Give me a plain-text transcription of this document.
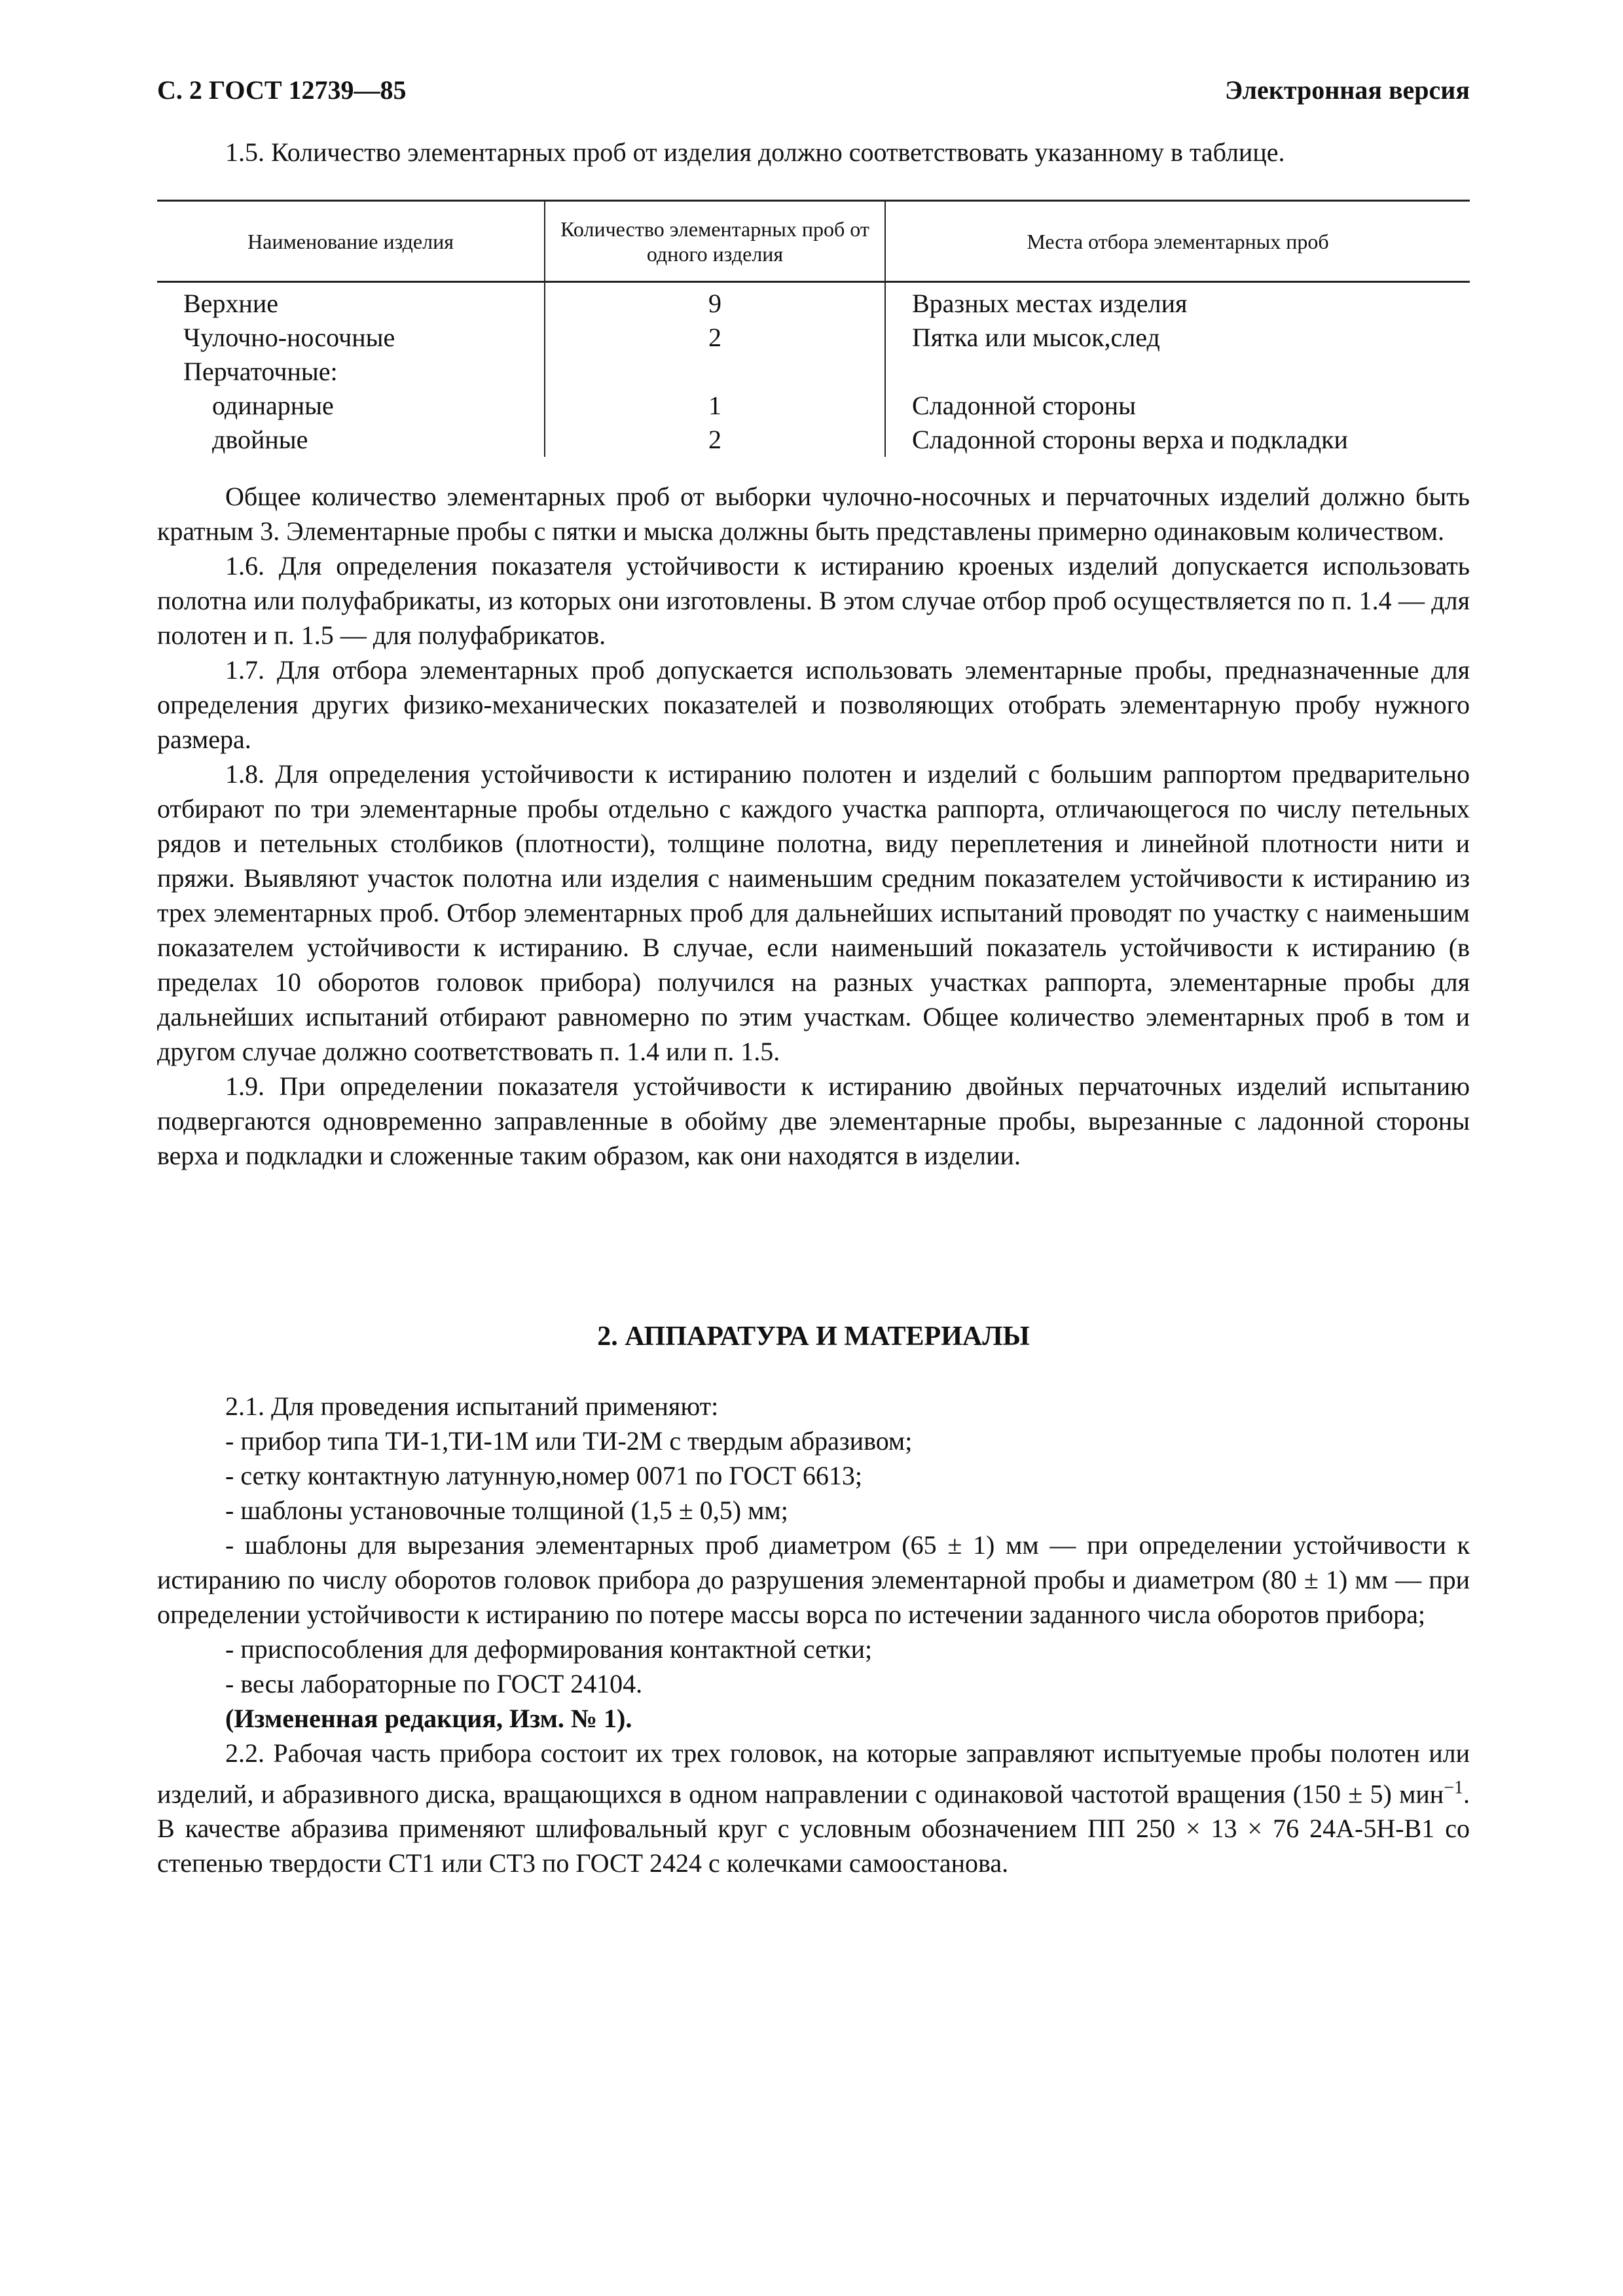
С. 2 ГОСТ 12739—85	Электронная версия

1.5. Количество элементарных проб от изделия должно соответствовать указанному в таблице.

Наименование изделия	Количество элементарных проб от одного изделия	Места отбора элементарных проб
Верхние	9	Вразных местах изделия
Чулочно-носочные	2	Пятка или мысок,след
Перчаточные:		
одинарные	1	Сладонной стороны
двойные	2	Сладонной стороны верха и подкладки

Общее количество элементарных проб от выборки чулочно-носочных и перчаточных изделий должно быть кратным 3. Элементарные пробы с пятки и мыска должны быть представлены примерно одинаковым количеством.

1.6. Для определения показателя устойчивости к истиранию кроеных изделий допускается использовать полотна или полуфабрикаты, из которых они изготовлены. В этом случае отбор проб осуществляется по п. 1.4 — для полотен и п. 1.5 — для полуфабрикатов.

1.7. Для отбора элементарных проб допускается использовать элементарные пробы, предназначенные для определения других физико-механических показателей и позволяющих отобрать элементарную пробу нужного размера.

1.8. Для определения устойчивости к истиранию полотен и изделий с большим раппортом предварительно отбирают по три элементарные пробы отдельно с каждого участка раппорта, отличающегося по числу петельных рядов и петельных столбиков (плотности), толщине полотна, виду переплетения и линейной плотности нити и пряжи. Выявляют участок полотна или изделия с наименьшим средним показателем устойчивости к истиранию из трех элементарных проб. Отбор элементарных проб для дальнейших испытаний проводят по участку с наименьшим показателем устойчивости к истиранию. В случае, если наименьший показатель устойчивости к истиранию (в пределах 10 оборотов головок прибора) получился на разных участках раппорта, элементарные пробы для дальнейших испытаний отбирают равномерно по этим участкам. Общее количество элементарных проб в том и другом случае должно соответствовать п. 1.4 или п. 1.5.

1.9. При определении показателя устойчивости к истиранию двойных перчаточных изделий испытанию подвергаются одновременно заправленные в обойму две элементарные пробы, вырезанные с ладонной стороны верха и подкладки и сложенные таким образом, как они находятся в изделии.

2. АППАРАТУРА И МАТЕРИАЛЫ

2.1. Для проведения испытаний применяют:

- прибор типа ТИ-1,ТИ-1М или ТИ-2М с твердым абразивом;

- сетку контактную латунную,номер 0071 по ГОСТ 6613;

- шаблоны установочные толщиной (1,5 ± 0,5) мм;

- шаблоны для вырезания элементарных проб диаметром (65 ± 1) мм — при определении устойчивости к истиранию по числу оборотов головок прибора до разрушения элементарной пробы и диаметром (80 ± 1) мм — при определении устойчивости к истиранию по потере массы ворса по истечении заданного числа оборотов прибора;

- приспособления для деформирования контактной сетки;

- весы лабораторные по ГОСТ 24104.

(Измененная редакция, Изм. № 1).

2.2. Рабочая часть прибора состоит их трех головок, на которые заправляют испытуемые пробы полотен или изделий, и абразивного диска, вращающихся в одном направлении с одинаковой частотой вращения (150 ± 5) мин$^{-1}$. В качестве абразива применяют шлифовальный круг с условным обозначением ПП 250 × 13 × 76 24А-5Н-В1 со степенью твердости СТ1 или СТ3 по ГОСТ 2424 с колечками самоостанова.
